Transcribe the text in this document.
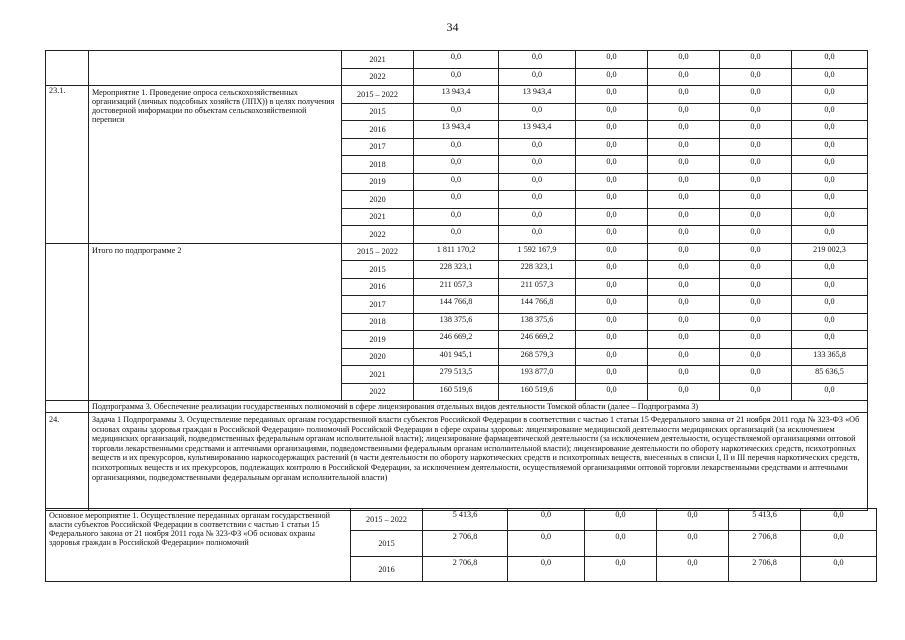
34
		2021	0,0	0,0	0,0	0,0	0,0	0,0
		2022	0,0	0,0	0,0	0,0	0,0	0,0
23.1.	Мероприятие 1. Проведение опроса сельскохозяйственных организаций (личных подсобных хозяйств (ЛПХ)) в целях получения достоверной информации по объектам сельскохозяйственной переписи	2015 – 2022	13 943,4	13 943,4	0,0	0,0	0,0	0,0
		2015	0,0	0,0	0,0	0,0	0,0	0,0
		2016	13 943,4	13 943,4	0,0	0,0	0,0	0,0
		2017	0,0	0,0	0,0	0,0	0,0	0,0
		2018	0,0	0,0	0,0	0,0	0,0	0,0
		2019	0,0	0,0	0,0	0,0	0,0	0,0
		2020	0,0	0,0	0,0	0,0	0,0	0,0
		2021	0,0	0,0	0,0	0,0	0,0	0,0
		2022	0,0	0,0	0,0	0,0	0,0	0,0
	Итого по подпрограмме 2	2015 – 2022	1 811 170,2	1 592 167,9	0,0	0,0	0,0	219 002,3
		2015	228 323,1	228 323,1	0,0	0,0	0,0	0,0
		2016	211 057,3	211 057,3	0,0	0,0	0,0	0,0
		2017	144 766,8	144 766,8	0,0	0,0	0,0	0,0
		2018	138 375,6	138 375,6	0,0	0,0	0,0	0,0
		2019	246 669,2	246 669,2	0,0	0,0	0,0	0,0
		2020	401 945,1	268 579,3	0,0	0,0	0,0	133 365,8
		2021	279 513,5	193 877,0	0,0	0,0	0,0	85 636,5
		2022	160 519,6	160 519,6	0,0	0,0	0,0	0,0
	Подпрограмма 3. Обеспечение реализации государственных полномочий в сфере лицензирования отдельных видов деятельности Томской области (далее – Подпрограмма 3)							
24.	Задача 1 Подпрограммы 3. Осуществление переданных органам государственной власти субъектов Российской Федерации в соответствии с частью 1 статьи 15 Федерального закона от 21 ноября 2011 года № 323-ФЗ «Об основах охраны здоровья граждан в Российской Федерации» полномочий Российской Федерации в сфере охраны здоровья: лицензирование медицинской деятельности медицинских организаций (за исключением медицинских организаций, подведомственных федеральным органам исполнительной власти); лицензирование фармацевтической деятельности (за исключением деятельности, осуществляемой организациями оптовой торговли лекарственными средствами и аптечными организациями, подведомственными федеральным органам исполнительной власти); лицензирование деятельности по обороту наркотических средств, психотропных веществ и их прекурсоров, культивированию наркосодержащих растений (в части деятельности по обороту наркотических средств и психотропных веществ, внесенных в списки I, II и III перечня наркотических средств, психотропных веществ и их прекурсоров, подлежащих контролю в Российской Федерации, за исключением деятельности, осуществляемой организациями оптовой торговли лекарственными средствами и аптечными организациями, подведомственными федеральным органам исполнительной власти)							
Основное мероприятие 1. Осуществление переданных органам государственной власти субъектов Российской Федерации в соответствии с частью 1 статьи 15 Федерального закона от 21 ноября 2011 года № 323-ФЗ «Об основах охраны здоровья граждан в Российской Федерации» полномочий	2015 – 2022	5 413,6	0,0	0,0	0,0	5 413,6	0,0
	2015	2 706,8	0,0	0,0	0,0	2 706,8	0,0
	2016	2 706,8	0,0	0,0	0,0	2 706,8	0,0
